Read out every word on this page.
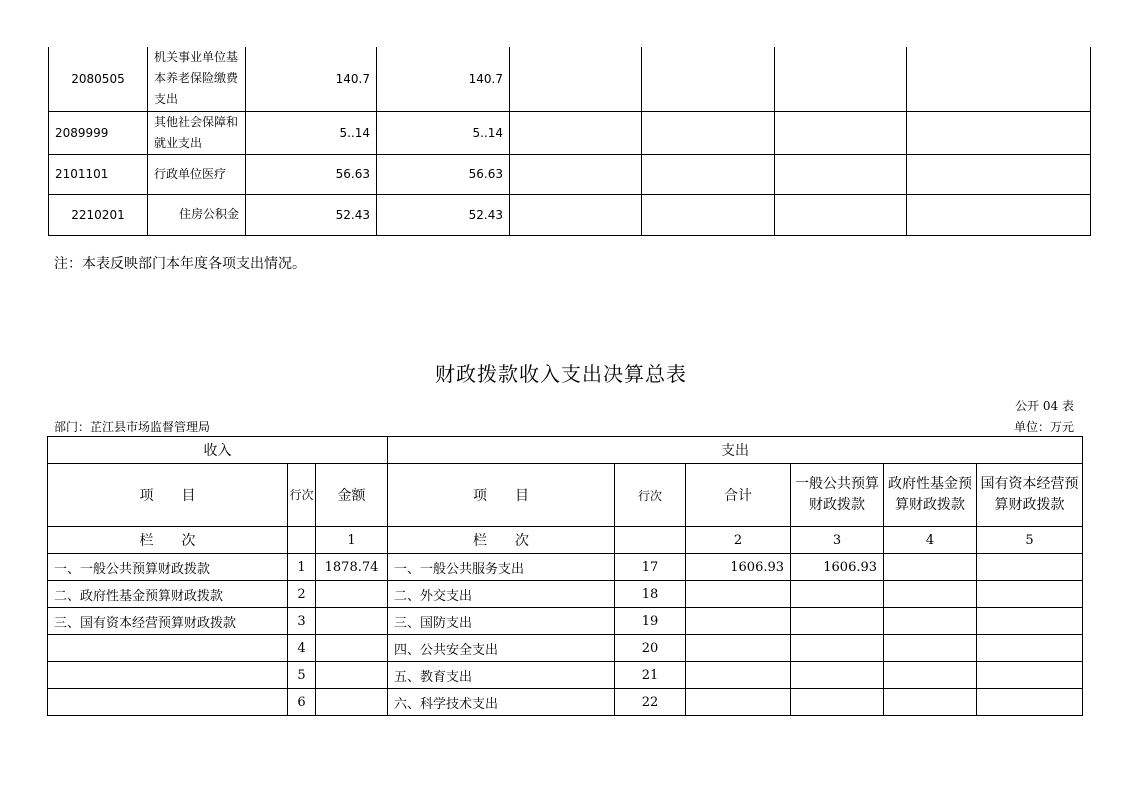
2080505	机关事业单位基本养老保险缴费支出	140.7	140.7				
2089999	其他社会保障和就业支出	5..14	5..14				
2101101	行政单位医疗	56.63	56.63				
2210201	住房公积金	52.43	52.43				
注：本表反映部门本年度各项支出情况。
财政拨款收入支出决算总表
公开 04 表
部门：芷江县市场监督管理局	单位：万元
收入			支出					
项　　目	行次	金额	项　　目	行次	合计	一般公共预算财政拨款	政府性基金预算财政拨款	国有资本经营预算财政拨款
栏　　次		1	栏　　次		2	3	4	5
一、一般公共预算财政拨款	1	1878.74	一、一般公共服务支出	17	1606.93	1606.93		
二、政府性基金预算财政拨款	2		二、外交支出	18				
三、国有资本经营预算财政拨款	3		三、国防支出	19				
	4		四、公共安全支出	20				
	5		五、教育支出	21				
	6		六、科学技术支出	22				
